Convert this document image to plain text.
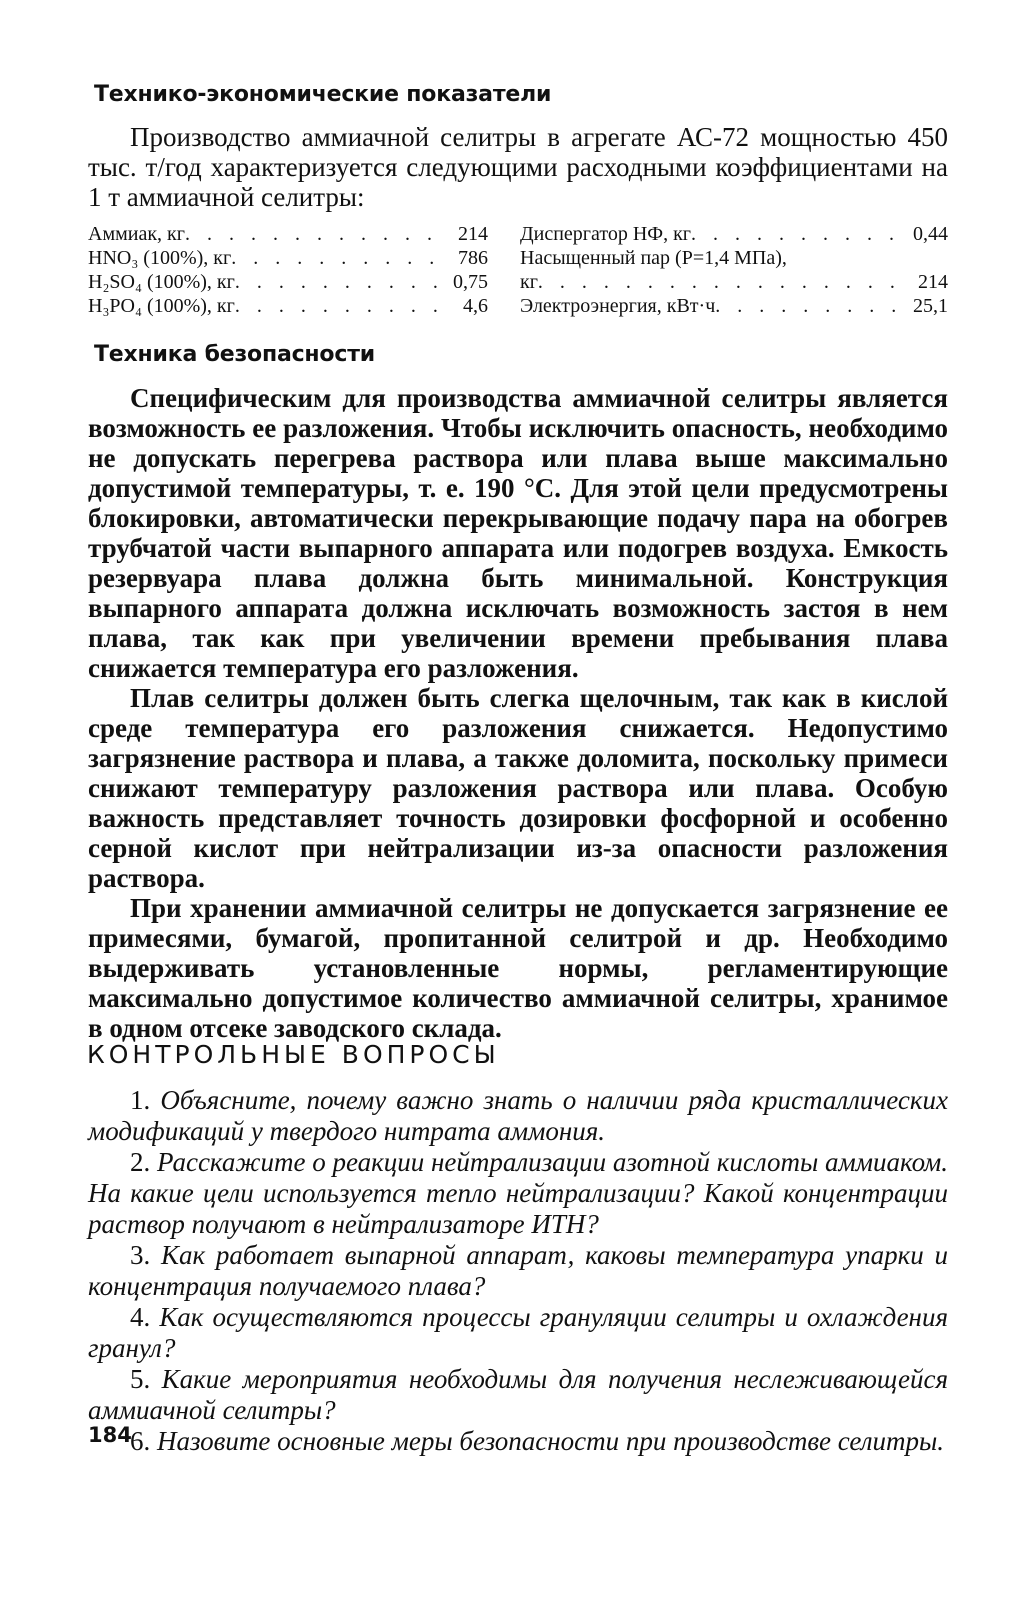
Технико-экономические показатели

Производство аммиачной селитры в агрегате АС-72 мощностью 450 тыс. т/год характеризуется следующими расходными коэффициентами на 1 т аммиачной селитры:

Аммиак, кг . . .	214
HNO₃ (100%), кг . . .	786
H₂SO₄ (100%), кг . . .	0,75
H₃PO₄ (100%), кг . . .	4,6
Диспергатор НФ, кг . . .	0,44
Насыщенный пар (P=1,4 МПа),
кг . . .	214
Электроэнергия, кВт·ч . . .	25,1
Техника безопасности

Специфическим для производства аммиачной селитры является возможность ее разложения. Чтобы исключить опасность, необходимо не допускать перегрева раствора или плава выше максимально допустимой температуры, т. е. 190 °С. Для этой цели предусмотрены блокировки, автоматически перекрывающие подачу пара на обогрев трубчатой части выпарного аппарата или подогрев воздуха. Емкость резервуара плава должна быть минимальной. Конструкция выпарного аппарата должна исключать возможность застоя в нем плава, так как при увеличении времени пребывания плава снижается температура его разложения.

Плав селитры должен быть слегка щелочным, так как в кислой среде температура его разложения снижается. Недопустимо загрязнение раствора и плава, а также доломита, поскольку примеси снижают температуру разложения раствора или плава. Особую важность представляет точность дозировки фосфорной и особенно серной кислот при нейтрализации из-за опасности разложения раствора.

При хранении аммиачной селитры не допускается загрязнение ее примесями, бумагой, пропитанной селитрой и др. Необходимо выдерживать установленные нормы, регламентирующие максимально допустимое количество аммиачной селитры, хранимое в одном отсеке заводского склада.

КОНТРОЛЬНЫЕ ВОПРОСЫ

1. Объясните, почему важно знать о наличии ряда кристаллических модификаций у твердого нитрата аммония.

2. Расскажите о реакции нейтрализации азотной кислоты аммиаком. На какие цели используется тепло нейтрализации? Какой концентрации раствор получают в нейтрализаторе ИТН?

3. Как работает выпарной аппарат, каковы температура упарки и концентрация получаемого плава?

4. Как осуществляются процессы грануляции селитры и охлаждения гранул?

5. Какие мероприятия необходимы для получения неслеживающейся аммиачной селитры?

6. Назовите основные меры безопасности при производстве селитры.

184
